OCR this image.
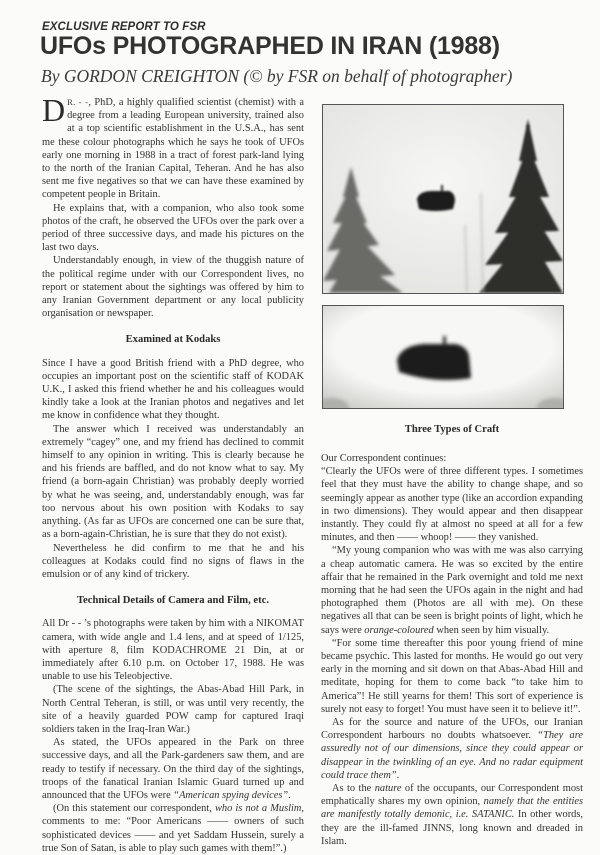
EXCLUSIVE REPORT TO FSR
UFOs PHOTOGRAPHED IN IRAN (1988)
By GORDON CREIGHTON (© by FSR on behalf of photographer)

D R. - -, PhD, a highly qualified scientist (chemist) with a degree from a leading European university, trained also at a top scientific establishment in the U.S.A., has sent me these colour photographs which he says he took of UFOs early one morning in 1988 in a tract of forest park-land lying to the north of the Iranian Capital, Teheran. And he has also sent me five negatives so that we can have these examined by competent people in Britain.

He explains that, with a companion, who also took some photos of the craft, he observed the UFOs over the park over a period of three successive days, and made his pictures on the last two days.

Understandably enough, in view of the thuggish nature of the political regime under with our Correspondent lives, no report or statement about the sightings was offered by him to any Iranian Government department or any local publicity organisation or newspaper.

Examined at Kodaks

Since I have a good British friend with a PhD degree, who occupies an important post on the scientific staff of KODAK U.K., I asked this friend whether he and his colleagues would kindly take a look at the Iranian photos and negatives and let me know in confidence what they thought.

The answer which I received was understandably an extremely “cagey” one, and my friend has declined to commit himself to any opinion in writing. This is clearly because he and his friends are baffled, and do not know what to say. My friend (a born-again Christian) was probably deeply worried by what he was seeing, and, understandably enough, was far too nervous about his own position with Kodaks to say anything. (As far as UFOs are concerned one can be sure that, as a born-again-Christian, he is sure that they do not exist).

Nevertheless he did confirm to me that he and his colleagues at Kodaks could find no signs of flaws in the emulsion or of any kind of trickery.

Technical Details of Camera and Film, etc.

All Dr - - ’s photographs were taken by him with a NIKOMAT camera, with wide angle and 1.4 lens, and at speed of 1/125, with aperture 8, film KODACHROME 21 Din, at or immediately after 6.10 p.m. on October 17, 1988. He was unable to use his Teleobjective.

(The scene of the sightings, the Abas-Abad Hill Park, in North Central Teheran, is still, or was until very recently, the site of a heavily guarded POW camp for captured Iraqi soldiers taken in the Iraq-Iran War.)

As stated, the UFOs appeared in the Park on three successive days, and all the Park-gardeners saw them, and are ready to testify if necessary. On the third day of the sightings, troops of the fanatical Iranian Islamic Guard turned up and announced that the UFOs were “American spying devices”.

(On this statement our correspondent, who is not a Muslim, comments to me: “Poor Americans —— owners of such sophisticated devices —— and yet Saddam Hussein, surely a true Son of Satan, is able to play such games with them!”.)

Three Types of Craft

Our Correspondent continues:

“Clearly the UFOs were of three different types. I sometimes feel that they must have the ability to change shape, and so seemingly appear as another type (like an accordion expanding in two dimensions). They would appear and then disappear instantly. They could fly at almost no speed at all for a few minutes, and then —— whoop! —— they vanished.

“My young companion who was with me was also carrying a cheap automatic camera. He was so excited by the entire affair that he remained in the Park overnight and told me next morning that he had seen the UFOs again in the night and had photographed them (Photos are all with me). On these negatives all that can be seen is bright points of light, which he says were orange-coloured when seen by him visually.

“For some time thereafter this poor young friend of mine became psychic. This lasted for months. He would go out very early in the morning and sit down on that Abas-Abad Hill and meditate, hoping for them to come back “to take him to America”! He still yearns for them! This sort of experience is surely not easy to forget! You must have seen it to believe it!”.

As for the source and nature of the UFOs, our Iranian Correspondent harbours no doubts whatsoever. “They are assuredly not of our dimensions, since they could appear or disappear in the twinkling of an eye. And no radar equipment could trace them”.

As to the nature of the occupants, our Correspondent most emphatically shares my own opinion, namely that the entities are manifestly totally demonic, i.e. SATANIC. In other words, they are the ill-famed JINNS, long known and dreaded in Islam.
